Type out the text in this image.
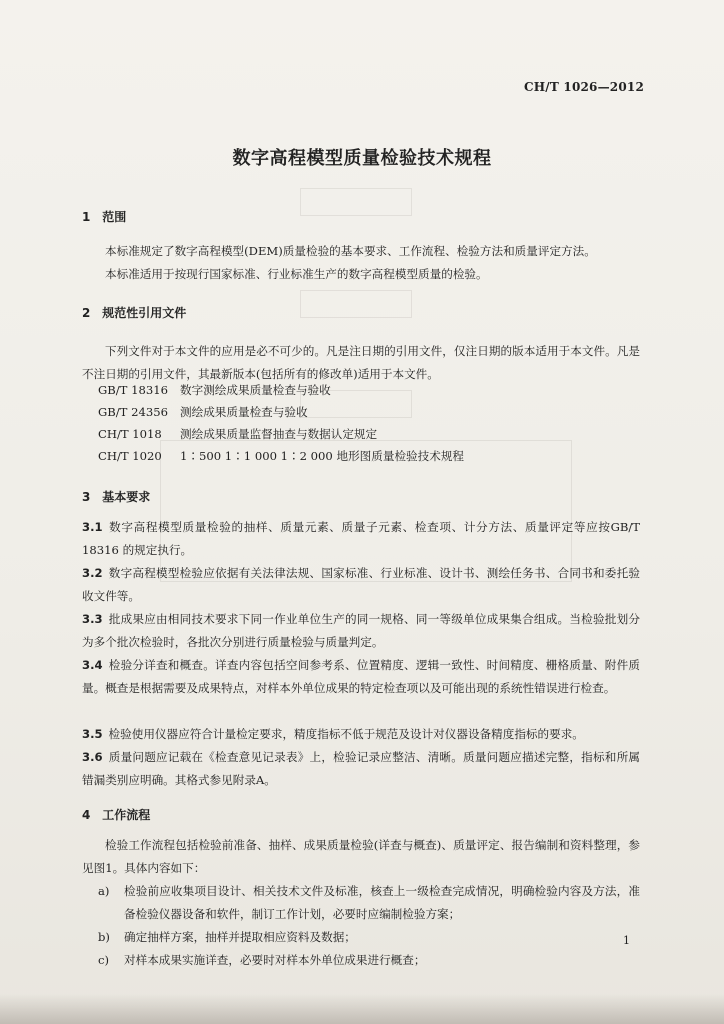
CH/T 1026—2012
数字高程模型质量检验技术规程
1 范围
本标准规定了数字高程模型(DEM)质量检验的基本要求、工作流程、检验方法和质量评定方法。
本标准适用于按现行国家标准、行业标准生产的数字高程模型质量的检验。
2 规范性引用文件
下列文件对于本文件的应用是必不可少的。凡是注日期的引用文件，仅注日期的版本适用于本文件。凡是不注日期的引用文件，其最新版本(包括所有的修改单)适用于本文件。
GB/T 18316 数字测绘成果质量检查与验收
GB/T 24356 测绘成果质量检查与验收
CH/T 1018 测绘成果质量监督抽查与数据认定规定
CH/T 1020 1∶500 1∶1 000 1∶2 000 地形图质量检验技术规程
3 基本要求
3.1 数字高程模型质量检验的抽样、质量元素、质量子元素、检查项、计分方法、质量评定等应按GB/T 18316 的规定执行。
3.2 数字高程模型检验应依据有关法律法规、国家标准、行业标准、设计书、测绘任务书、合同书和委托验收文件等。
3.3 批成果应由相同技术要求下同一作业单位生产的同一规格、同一等级单位成果集合组成。当检验批划分为多个批次检验时，各批次分别进行质量检验与质量判定。
3.4 检验分详查和概查。详查内容包括空间参考系、位置精度、逻辑一致性、时间精度、栅格质量、附件质量。概查是根据需要及成果特点，对样本外单位成果的特定检查项以及可能出现的系统性错误进行检查。
3.5 检验使用仪器应符合计量检定要求，精度指标不低于规范及设计对仪器设备精度指标的要求。
3.6 质量问题应记载在《检查意见记录表》上，检验记录应整洁、清晰。质量问题应描述完整，指标和所属错漏类别应明确。其格式参见附录A。
4 工作流程
检验工作流程包括检验前准备、抽样、成果质量检验(详查与概查)、质量评定、报告编制和资料整理，参见图1。具体内容如下：
a)	检验前应收集项目设计、相关技术文件及标准，核查上一级检查完成情况，明确检验内容及方法，准备检验仪器设备和软件，制订工作计划，必要时应编制检验方案；
b)	确定抽样方案，抽样并提取相应资料及数据；
c)	对样本成果实施详查，必要时对样本外单位成果进行概查；
1
